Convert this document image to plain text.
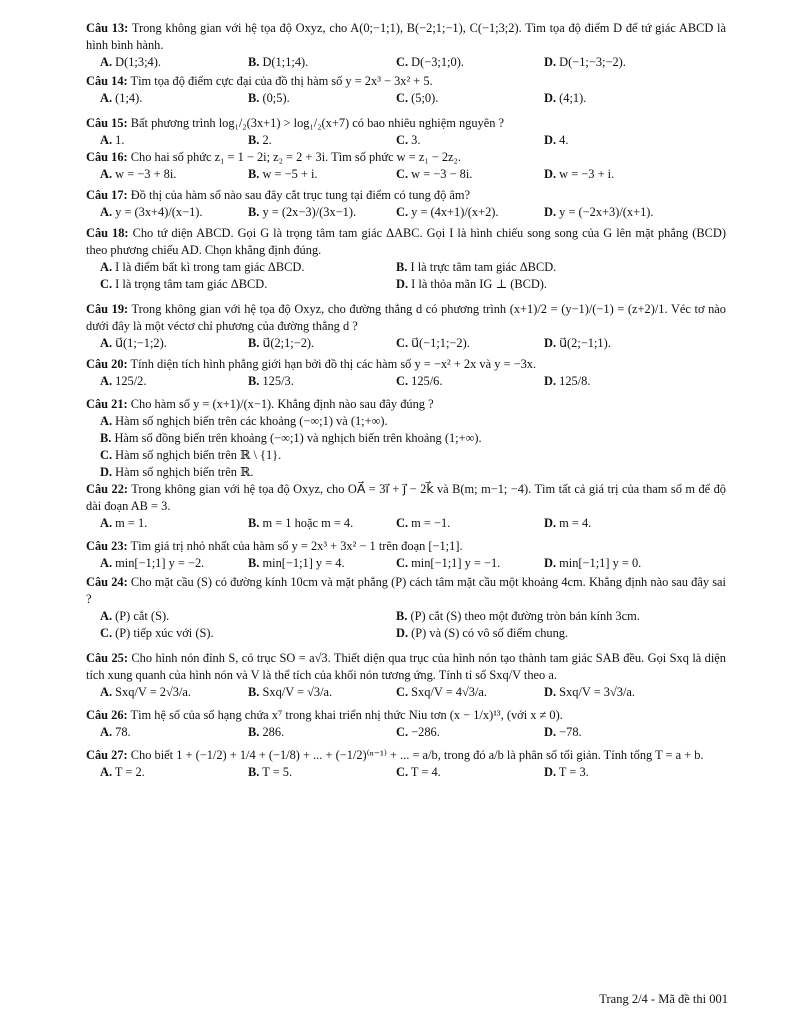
Câu 13: Trong không gian với hệ tọa độ Oxyz, cho A(0;−1;1), B(−2;1;−1), C(−1;3;2). Tìm tọa độ điểm D để tứ giác ABCD là hình bình hành.

A. D(1;3;4).	B. D(1;1;4).	C. D(−3;1;0).	D. D(−1;−3;−2).

Câu 14: Tìm tọa độ điểm cực đại của đồ thị hàm số y = 2x³ − 3x² + 5.

A. (1;4).	B. (0;5).	C. (5;0).	D. (4;1).

Câu 15: Bất phương trình log₁/₂(3x+1) > log₁/₂(x+7) có bao nhiêu nghiệm nguyên ?

A. 1.	B. 2.	C. 3.	D. 4.

Câu 16: Cho hai số phức z₁ = 1 − 2i; z₂ = 2 + 3i. Tìm số phức w = z₁ − 2z₂.

A. w = −3 + 8i.	B. w = −5 + i.	C. w = −3 − 8i.	D. w = −3 + i.

Câu 17: Đồ thị của hàm số nào sau đây cắt trục tung tại điểm có tung độ âm?

A. y = (3x+4)/(x−1).	B. y = (2x−3)/(3x−1).	C. y = (4x+1)/(x+2).	D. y = (−2x+3)/(x+1).

Câu 18: Cho tứ diện ABCD. Gọi G là trọng tâm tam giác ΔABC. Gọi I là hình chiếu song song của G lên mặt phẳng (BCD) theo phương chiếu AD. Chọn khẳng định đúng.

A. I là điểm bất kì trong tam giác ΔBCD.	B. I là trực tâm tam giác ΔBCD.
C. I là trọng tâm tam giác ΔBCD.	D. I là thỏa mãn IG ⊥ (BCD).

Câu 19: Trong không gian với hệ tọa độ Oxyz, cho đường thẳng d có phương trình (x+1)/2 = (y−1)/(−1) = (z+2)/1. Véc tơ nào dưới đây là một véctơ chỉ phương của đường thẳng d ?

A. u⃗(1;−1;2).	B. u⃗(2;1;−2).	C. u⃗(−1;1;−2).	D. u⃗(2;−1;1).

Câu 20: Tính diện tích hình phẳng giới hạn bởi đồ thị các hàm số y = −x² + 2x và y = −3x.

A. 125/2.	B. 125/3.	C. 125/6.	D. 125/8.

Câu 21: Cho hàm số y = (x+1)/(x−1). Khẳng định nào sau đây đúng ?

A. Hàm số nghịch biến trên các khoảng (−∞;1) và (1;+∞).
B. Hàm số đồng biến trên khoảng (−∞;1) và nghịch biến trên khoảng (1;+∞).
C. Hàm số nghịch biến trên ℝ \ {1}.
D. Hàm số nghịch biến trên ℝ.

Câu 22: Trong không gian với hệ tọa độ Oxyz, cho OA⃗ = 3i⃗ + j⃗ − 2k⃗ và B(m; m−1; −4). Tìm tất cả giá trị của tham số m để độ dài đoạn AB = 3.

A. m = 1.	B. m = 1 hoặc m = 4.	C. m = −1.	D. m = 4.

Câu 23: Tìm giá trị nhỏ nhất của hàm số y = 2x³ + 3x² − 1 trên đoạn [−1;1].

A. min[−1;1] y = −2.	B. min[−1;1] y = 4.	C. min[−1;1] y = −1.	D. min[−1;1] y = 0.

Câu 24: Cho mặt cầu (S) có đường kính 10cm và mặt phẳng (P) cách tâm mặt cầu một khoảng 4cm. Khẳng định nào sau đây sai ?

A. (P) cắt (S).	B. (P) cắt (S) theo một đường tròn bán kính 3cm.
C. (P) tiếp xúc với (S).	D. (P) và (S) có vô số điểm chung.

Câu 25: Cho hình nón đỉnh S, có trục SO = a√3. Thiết diện qua trục của hình nón tạo thành tam giác SAB đều. Gọi Sxq là diện tích xung quanh của hình nón và V là thể tích của khối nón tương ứng. Tính tỉ số Sxq/V theo a.

A. Sxq/V = 2√3/a.	B. Sxq/V = √3/a.	C. Sxq/V = 4√3/a.	D. Sxq/V = 3√3/a.

Câu 26: Tìm hệ số của số hạng chứa x⁷ trong khai triển nhị thức Niu tơn (x − 1/x)¹³, (với x ≠ 0).

A. 78.	B. 286.	C. −286.	D. −78.

Câu 27: Cho biết 1 + (−1/2) + 1/4 + (−1/8) + ... + (−1/2)⁽ⁿ⁻¹⁾ + ... = a/b, trong đó a/b là phân số tối giản. Tính tổng T = a + b.

A. T = 2.	B. T = 5.	C. T = 4.	D. T = 3.
Trang 2/4 - Mã đề thi 001
